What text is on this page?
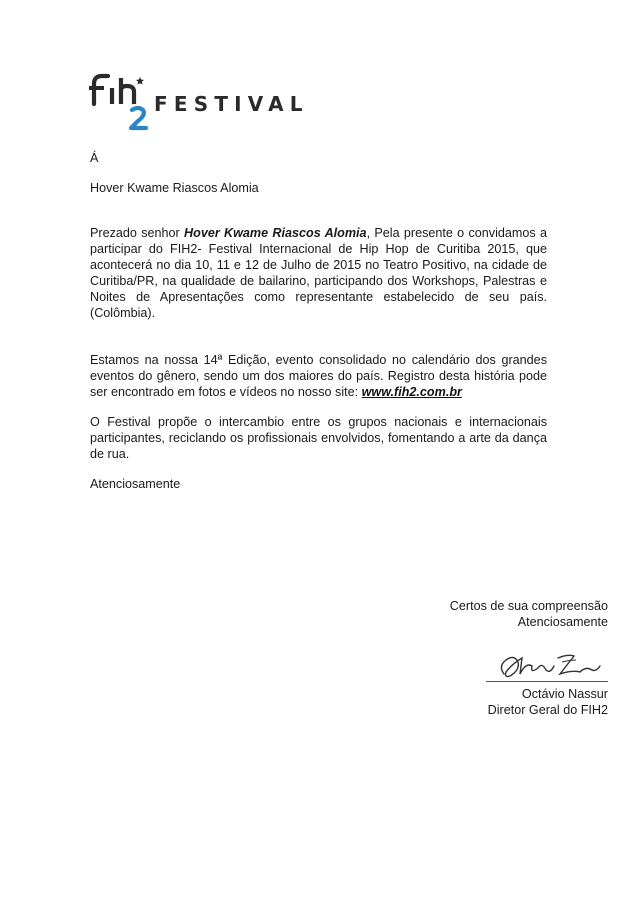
FESTIVAL
Á
Hover Kwame Riascos Alomia

Prezado senhor Hover Kwame Riascos Alomia, Pela presente o convidamos a participar do FIH2- Festival Internacional de Hip Hop de Curitiba 2015, que acontecerá no dia 10, 11 e 12 de Julho de 2015 no Teatro Positivo, na cidade de Curitiba/PR, na qualidade de bailarino, participando dos Workshops, Palestras e Noites de Apresentações como representante estabelecido de seu país. (Colômbia).

Estamos na nossa 14ª Edição, evento consolidado no calendário dos grandes eventos do gênero, sendo um dos maiores do país. Registro desta história pode ser encontrado em fotos e vídeos no nosso site: www.fih2.com.br

O Festival propõe o intercambio entre os grupos nacionais e internacionais participantes, reciclando os profissionais envolvidos, fomentando a arte da dança de rua.

Atenciosamente
Certos de sua compreensão
Atenciosamente
Octávio Nassur
Diretor Geral do FIH2
